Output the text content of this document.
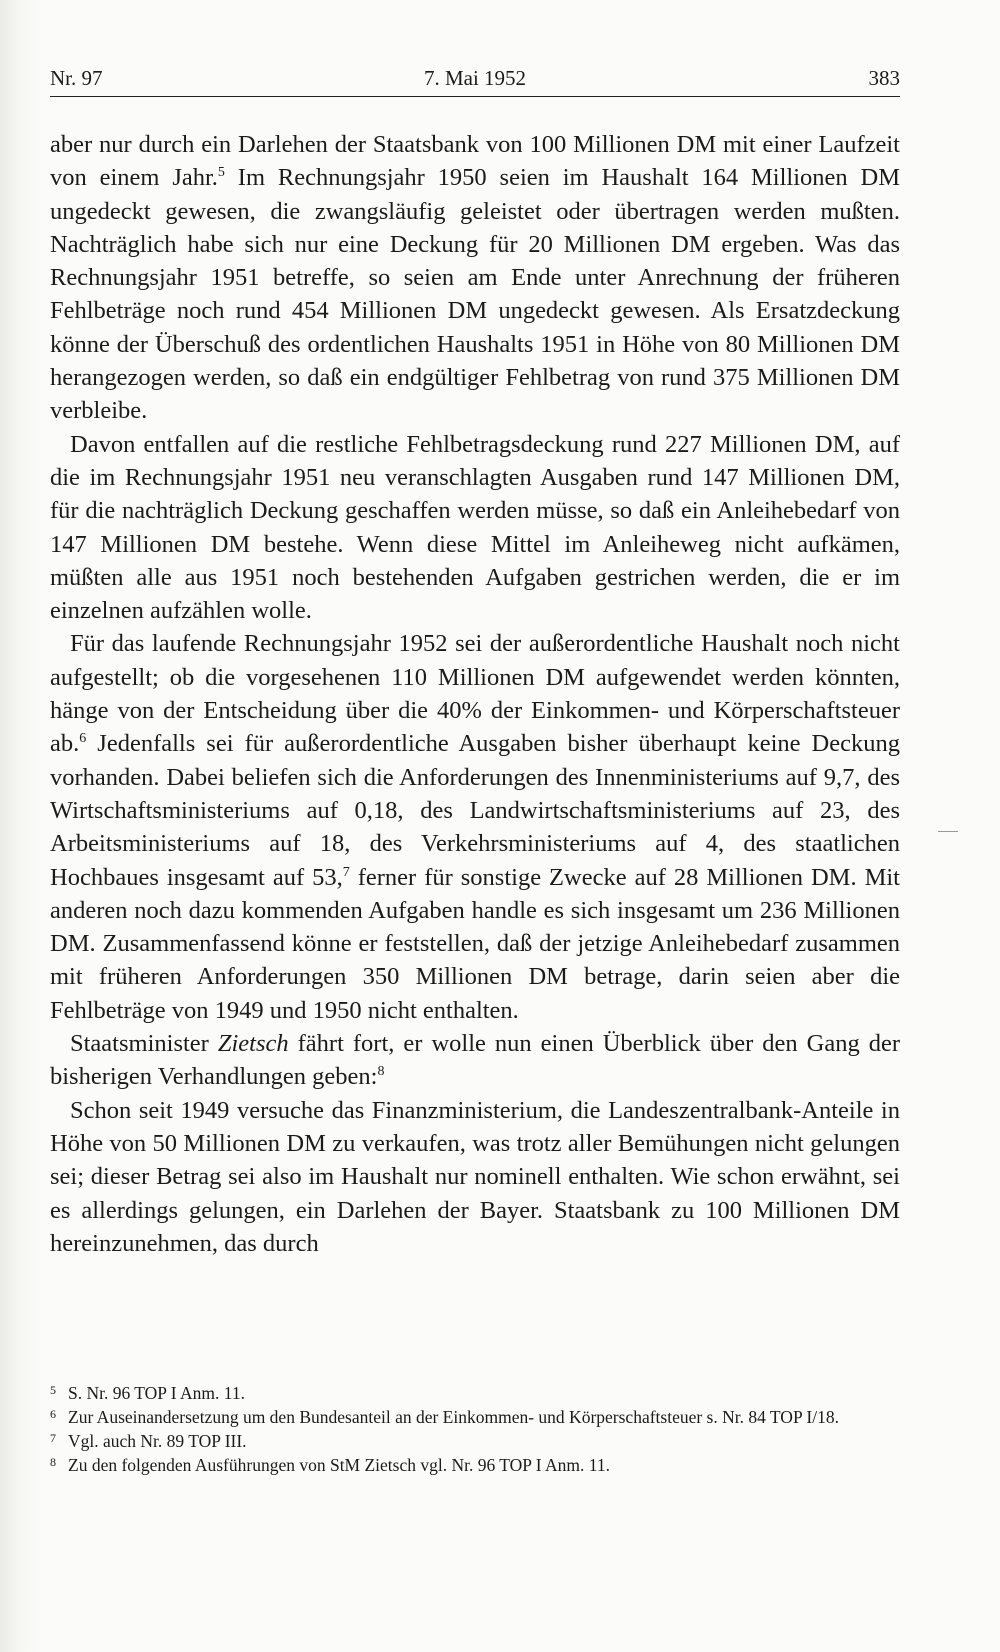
Nr. 97	7. Mai 1952	383

aber nur durch ein Darlehen der Staatsbank von 100 Millionen DM mit einer Laufzeit von einem Jahr.$^5$ Im Rechnungsjahr 1950 seien im Haushalt 164 Millionen DM ungedeckt gewesen, die zwangsläufig geleistet oder übertragen werden mußten. Nachträglich habe sich nur eine Deckung für 20 Millionen DM ergeben. Was das Rechnungsjahr 1951 betreffe, so seien am Ende unter Anrechnung der früheren Fehlbeträge noch rund 454 Millionen DM ungedeckt gewesen. Als Ersatzdeckung könne der Überschuß des ordentlichen Haushalts 1951 in Höhe von 80 Millionen DM herangezogen werden, so daß ein endgültiger Fehlbetrag von rund 375 Millionen DM verbleibe.

Davon entfallen auf die restliche Fehlbetragsdeckung rund 227 Millionen DM, auf die im Rechnungsjahr 1951 neu veranschlagten Ausgaben rund 147 Millionen DM, für die nachträglich Deckung geschaffen werden müsse, so daß ein Anleihebedarf von 147 Millionen DM bestehe. Wenn diese Mittel im Anleiheweg nicht aufkämen, müßten alle aus 1951 noch bestehenden Aufgaben gestrichen werden, die er im einzelnen aufzählen wolle.

Für das laufende Rechnungsjahr 1952 sei der außerordentliche Haushalt noch nicht aufgestellt; ob die vorgesehenen 110 Millionen DM aufgewendet werden könnten, hänge von der Entscheidung über die 40% der Einkommen- und Körperschaftsteuer ab.$^6$ Jedenfalls sei für außerordentliche Ausgaben bisher überhaupt keine Deckung vorhanden. Dabei beliefen sich die Anforderungen des Innenministeriums auf 9,7, des Wirtschaftsministeriums auf 0,18, des Landwirtschaftsministeriums auf 23, des Arbeitsministeriums auf 18, des Verkehrsministeriums auf 4, des staatlichen Hochbaues insgesamt auf 53,$^7$ ferner für sonstige Zwecke auf 28 Millionen DM. Mit anderen noch dazu kommenden Aufgaben handle es sich insgesamt um 236 Millionen DM. Zusammenfassend könne er feststellen, daß der jetzige Anleihebedarf zusammen mit früheren Anforderungen 350 Millionen DM betrage, darin seien aber die Fehlbeträge von 1949 und 1950 nicht enthalten.

Staatsminister Zietsch fährt fort, er wolle nun einen Überblick über den Gang der bisherigen Verhandlungen geben:$^8$

Schon seit 1949 versuche das Finanzministerium, die Landeszentralbank-Anteile in Höhe von 50 Millionen DM zu verkaufen, was trotz aller Bemühungen nicht gelungen sei; dieser Betrag sei also im Haushalt nur nominell enthalten. Wie schon erwähnt, sei es allerdings gelungen, ein Darlehen der Bayer. Staatsbank zu 100 Millionen DM hereinzunehmen, das durch

5 S. Nr. 96 TOP I Anm. 11.
6 Zur Auseinandersetzung um den Bundesanteil an der Einkommen- und Körperschaftsteuer s. Nr. 84 TOP I/18.
7 Vgl. auch Nr. 89 TOP III.
8 Zu den folgenden Ausführungen von StM Zietsch vgl. Nr. 96 TOP I Anm. 11.
